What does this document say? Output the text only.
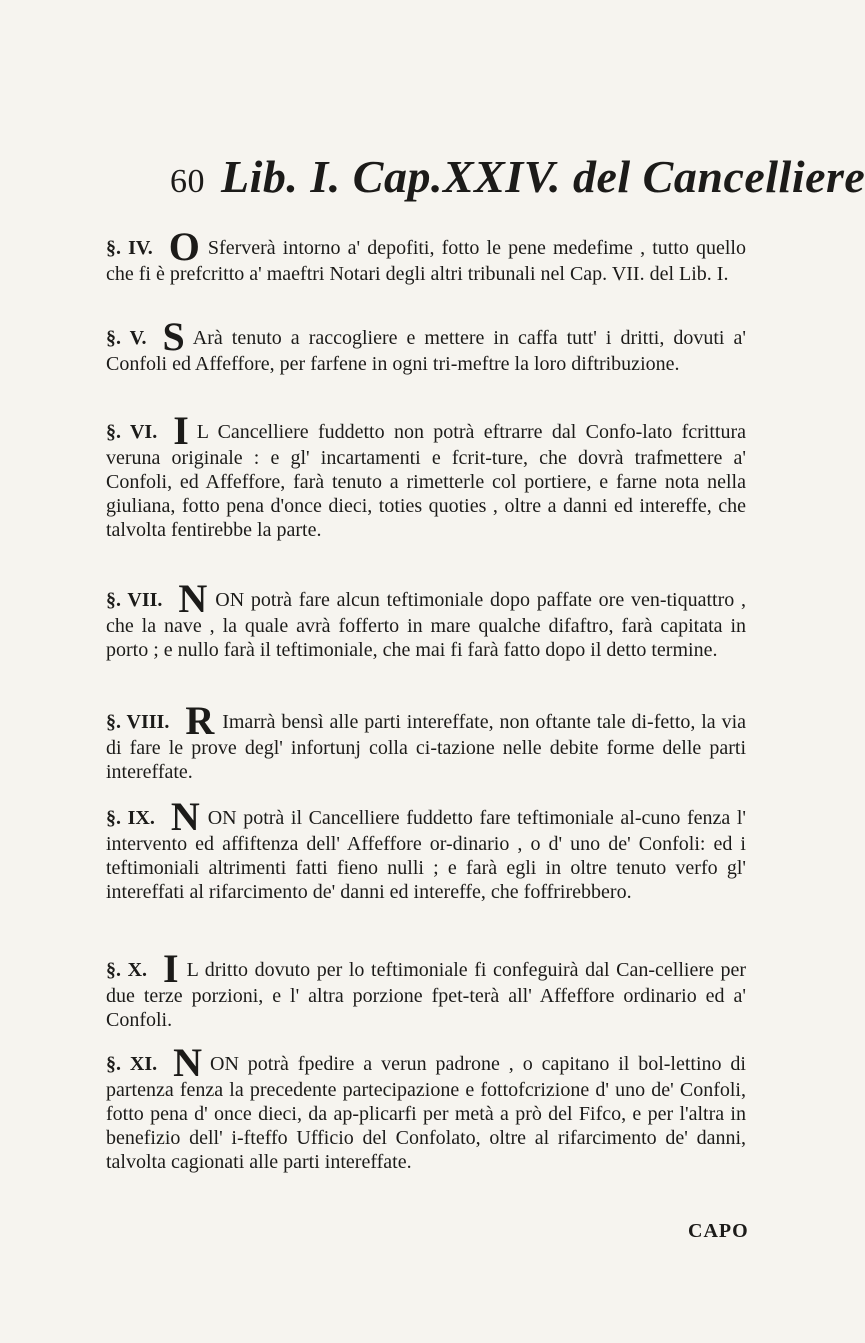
60 Lib. I. Cap.XXIV. del Cancelliere
§. IV. O Sferverà intorno a' depofiti, fotto le pene medefime , tutto quello che fi è prefcritto a' maeftri Notari degli altri tribunali nel Cap. VII. del Lib. I.
§. V. S Arà tenuto a raccogliere e mettere in caffa tutt' i dritti, dovuti a' Confoli ed Affeffore, per farfene in ogni tri-meftre la loro diftribuzione.
§. VI. I L Cancelliere fuddetto non potrà eftrarre dal Confo-lato fcrittura veruna originale : e gl' incartamenti e fcrit-ture, che dovrà trafmettere a' Confoli, ed Affeffore, farà tenuto a rimetterle col portiere, e farne nota nella giuliana, fotto pena d'once dieci, toties quoties , oltre a danni ed intereffe, che talvolta fentirebbe la parte.
§. VII. N ON potrà fare alcun teftimoniale dopo paffate ore ven-tiquattro , che la nave , la quale avrà fofferto in mare qualche difaftro, farà capitata in porto ; e nullo farà il teftimoniale, che mai fi farà fatto dopo il detto termine.
§. VIII. R Imarrà bensì alle parti intereffate, non oftante tale di-fetto, la via di fare le prove degl' infortunj colla ci-tazione nelle debite forme delle parti intereffate.
§. IX. N ON potrà il Cancelliere fuddetto fare teftimoniale al-cuno fenza l' intervento ed affiftenza dell' Affeffore or-dinario , o d' uno de' Confoli: ed i teftimoniali altrimenti fatti fieno nulli ; e farà egli in oltre tenuto verfo gl' intereffati al rifarcimento de' danni ed intereffe, che foffrirebbero.
§. X. I L dritto dovuto per lo teftimoniale fi confeguirà dal Can-celliere per due terze porzioni, e l' altra porzione fpet-terà all' Affeffore ordinario ed a' Confoli.
§. XI. N ON potrà fpedire a verun padrone , o capitano il bol-lettino di partenza fenza la precedente partecipazione e fottofcrizione d' uno de' Confoli, fotto pena d' once dieci, da ap-plicarfi per metà a prò del Fifco, e per l'altra in benefizio dell' i-fteffo Ufficio del Confolato, oltre al rifarcimento de' danni, talvolta cagionati alle parti intereffate.
CAPO
